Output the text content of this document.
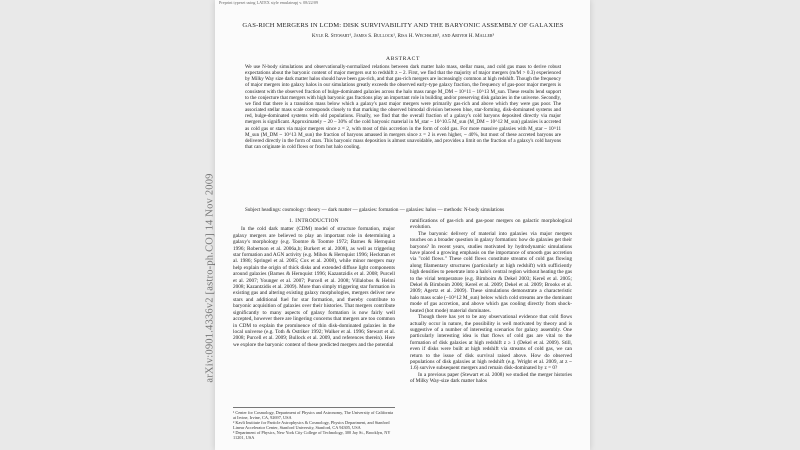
arXiv:0901.4336v2 [astro-ph.CO] 14 Nov 2009
Preprint typeset using LATEX style emulateapj v. 08/22/09
GAS-RICH MERGERS IN LCDM: DISK SURVIVABILITY AND THE BARYONIC ASSEMBLY OF GALAXIES
Kyle R. Stewart¹, James S. Bullock¹, Risa H. Wechsler², and Ariyeh H. Maller³
ABSTRACT

We use N-body simulations and observationally-normalized relations between dark matter halo mass, stellar mass, and cold gas mass to derive robust expectations about the baryonic content of major mergers out to redshift z ~ 2. First, we find that the majority of major mergers (m/M > 0.3) experienced by Milky Way size dark matter halos should have been gas-rich, and that gas-rich mergers are increasingly common at high redshift. Though the frequency of major mergers into galaxy halos in our simulations greatly exceeds the observed early-type galaxy fraction, the frequency of gas-poor major mergers is consistent with the observed fraction of bulge-dominated galaxies across the halo mass range M_DM ~ 10^11 – 10^13 M_sun. These results lend support to the conjecture that mergers with high baryonic gas fractions play an important role in building and/or preserving disk galaxies in the universe. Secondly, we find that there is a transition mass below which a galaxy's past major mergers were primarily gas-rich and above which they were gas poor. The associated stellar mass scale corresponds closely to that marking the observed bimodal division between blue, star-forming, disk-dominated systems and red, bulge-dominated systems with old populations. Finally, we find that the overall fraction of a galaxy's cold baryons deposited directly via major mergers is significant. Approximately ~ 20 – 30% of the cold baryonic material in M_star ~ 10^10.5 M_sun (M_DM ~ 10^12 M_sun) galaxies is accreted as cold gas or stars via major mergers since z = 2, with most of this accretion in the form of cold gas. For more massive galaxies with M_star ~ 10^11 M_sun (M_DM ~ 10^13 M_sun) the fraction of baryons amassed in mergers since z = 2 is even higher, ~ 40%, but most of these accreted baryons are delivered directly in the form of stars. This baryonic mass deposition is almost unavoidable, and provides a limit on the fraction of a galaxy's cold baryons that can originate in cold flows or from hot halo cooling.

Subject headings: cosmology: theory — dark matter — galaxies: formation — galaxies: halos — methods: N-body simulations
1. INTRODUCTION

In the cold dark matter (CDM) model of structure formation, major galaxy mergers are believed to play an important role in determining a galaxy's morphology (e.g. Toomre & Toomre 1972; Barnes & Hernquist 1996; Robertson et al. 2006a,b; Burkert et al. 2008), as well as triggering star formation and AGN activity (e.g. Mihos & Hernquist 1996; Heckman et al. 1986; Springel et al. 2005; Cox et al. 2008), while minor mergers may help explain the origin of thick disks and extended diffuse light components around galaxies (Barnes & Hernquist 1996; Kazantzidis et al. 2008; Purcell et al. 2007; Younger et al. 2007; Purcell et al. 2008; Villalobos & Helmi 2008; Kazantzidis et al. 2009). More than simply triggering star formation in existing gas and altering existing galaxy morphologies, mergers deliver new stars and additional fuel for star formation, and thereby contribute to baryonic acquisition of galaxies over their histories. That mergers contribute significantly to many aspects of galaxy formation is now fairly well accepted, however there are lingering concerns that mergers are too common in CDM to explain the prominence of thin disk-dominated galaxies in the local universe (e.g. Toth & Ostriker 1992; Walker et al. 1996; Stewart et al. 2008; Purcell et al. 2009; Bullock et al. 2009, and references therein). Here we explore the baryonic content of these predicted mergers and the potential

ramifications of gas-rich and gas-poor mergers on galactic morphological evolution.

The baryonic delivery of material into galaxies via major mergers touches on a broader question in galaxy formation: how do galaxies get their baryons? In recent years, studies motivated by hydrodynamic simulations have placed a growing emphasis on the importance of smooth gas accretion via "cold flows." These cold flows constitute streams of cold gas flowing along filamentary structures (particularly at high redshift) with sufficiently high densities to penetrate into a halo's central region without heating the gas to the virial temperature (e.g. Birnboim & Dekel 2003; Kereš et al. 2005; Dekel & Birnboim 2006; Kereš et al. 2009; Dekel et al. 2009; Brooks et al. 2009; Agertz et al. 2009). These simulations demonstrate a characteristic halo mass scale (~10^12 M_sun) below which cold streams are the dominant mode of gas accretion, and above which gas cooling directly from shock-heated (hot mode) material dominates.

Though there has yet to be any observational evidence that cold flows actually occur in nature, the possibility is well motivated by theory and is suggestive of a number of interesting scenarios for galaxy assembly. One particularly interesting idea is that flows of cold gas are vital to the formation of disk galaxies at high redshift z ≥ 1 (Dekel et al. 2009). Still, even if disks were built at high redshift via streams of cold gas, we can return to the issue of disk survival raised above. How do observed populations of disk galaxies at high redshift (e.g. Wright et al. 2009, at z ~ 1.6) survive subsequent mergers and remain disk-dominated by z = 0?

In a previous paper (Stewart et al. 2008) we studied the merger histories of Milky Way-size dark matter halos

¹ Center for Cosmology, Department of Physics and Astronomy, The University of California at Irvine, Irvine, CA, 92697, USA
² Kavli Institute for Particle Astrophysics & Cosmology, Physics Department, and Stanford Linear Accelerator Center, Stanford University, Stanford, CA 94305, USA
³ Department of Physics, New York City College of Technology, 300 Jay St., Brooklyn, NY 11201, USA
